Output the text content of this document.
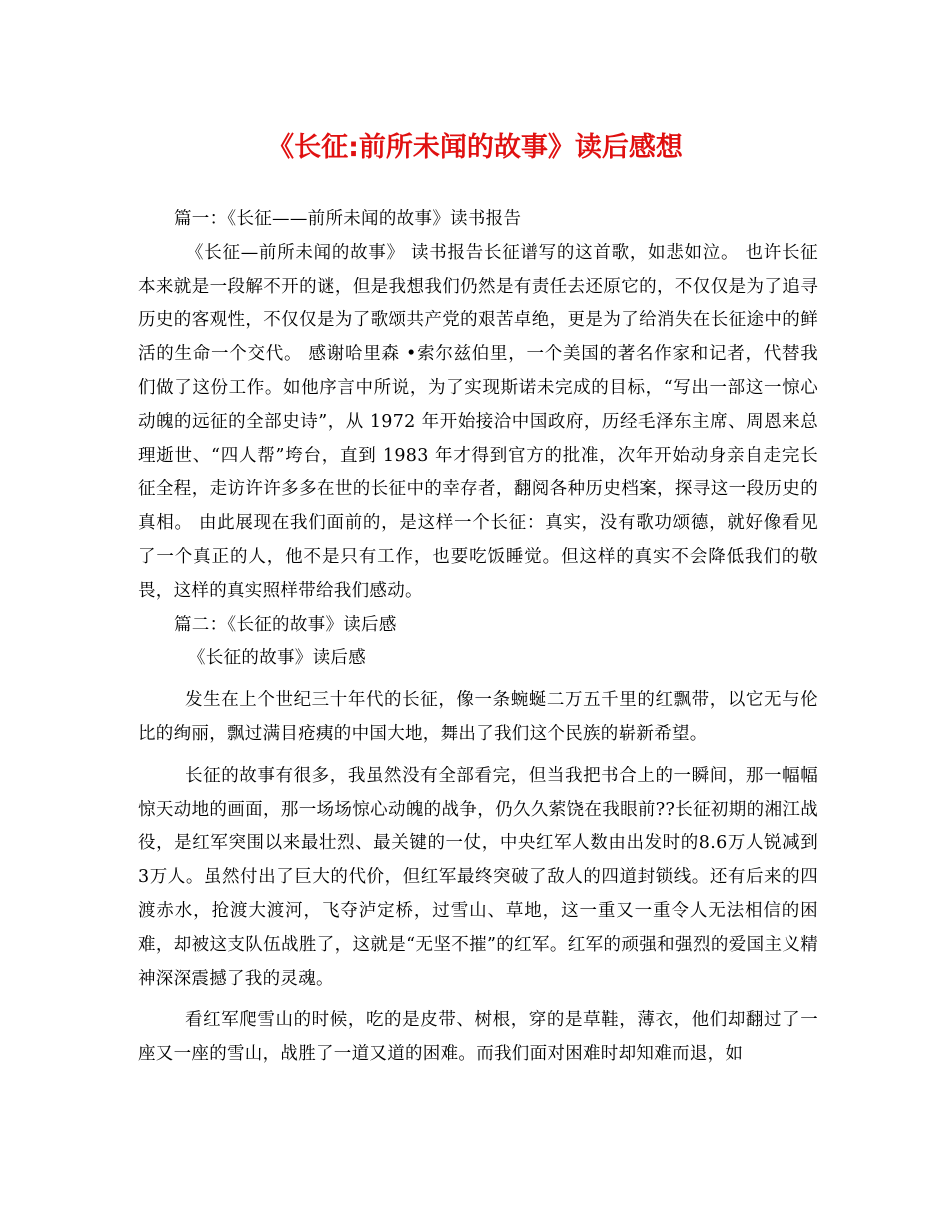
《长征:前所未闻的故事》读后感想

篇一：《长征——前所未闻的故事》读书报告

《长征—前所未闻的故事》 读书报告长征谱写的这首歌，如悲如泣。 也许长征本来就是一段解不开的谜，但是我想我们仍然是有责任去还原它的，不仅仅是为了追寻历史的客观性，不仅仅是为了歌颂共产党的艰苦卓绝，更是为了给消失在长征途中的鲜活的生命一个交代。 感谢哈里森 •索尔兹伯里，一个美国的著名作家和记者，代替我们做了这份工作。如他序言中所说，为了实现斯诺未完成的目标，“写出一部这一惊心动魄的远征的全部史诗”，从 1972 年开始接洽中国政府，历经毛泽东主席、周恩来总理逝世、“四人帮”垮台，直到 1983 年才得到官方的批准，次年开始动身亲自走完长征全程，走访许许多多在世的长征中的幸存者，翻阅各种历史档案，探寻这一段历史的真相。 由此展现在我们面前的，是这样一个长征：真实，没有歌功颂德，就好像看见了一个真正的人，他不是只有工作，也要吃饭睡觉。但这样的真实不会降低我们的敬畏，这样的真实照样带给我们感动。

篇二：《长征的故事》读后感

《长征的故事》读后感

发生在上个世纪三十年代的长征，像一条蜿蜒二万五千里的红飘带，以它无与伦比的绚丽，飘过满目疮痍的中国大地，舞出了我们这个民族的崭新希望。

长征的故事有很多，我虽然没有全部看完，但当我把书合上的一瞬间，那一幅幅惊天动地的画面，那一场场惊心动魄的战争，仍久久萦饶在我眼前??长征初期的湘江战役，是红军突围以来最壮烈、最关键的一仗，中央红军人数由出发时的8.6万人锐减到3万人。虽然付出了巨大的代价，但红军最终突破了敌人的四道封锁线。还有后来的四渡赤水，抢渡大渡河，飞夺泸定桥，过雪山、草地，这一重又一重令人无法相信的困难，却被这支队伍战胜了，这就是“无坚不摧”的红军。红军的顽强和强烈的爱国主义精神深深震撼了我的灵魂。

看红军爬雪山的时候，吃的是皮带、树根，穿的是草鞋，薄衣，他们却翻过了一座又一座的雪山，战胜了一道又道的困难。而我们面对困难时却知难而退，如
